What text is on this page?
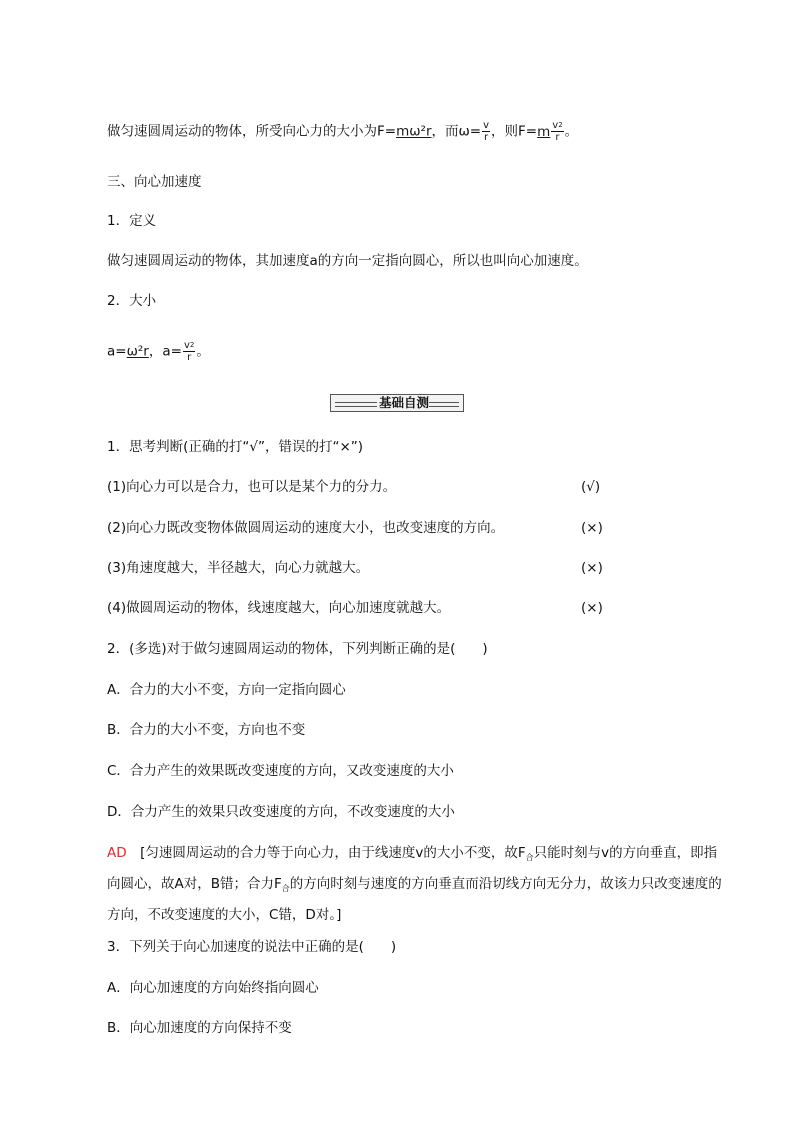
做匀速圆周运动的物体，所受向心力的大小为F=mω²r，而$\omega= \frac{v}{r}$ ，则$F=m \frac{v^2}{r}$ 。
三、向心加速度
1．定义
做匀速圆周运动的物体，其加速度a的方向一定指向圆心，所以也叫向心加速度。
2．大小
a=ω²r，$a= \frac{v^2}{r}$ 。
基础自测
1．思考判断(正确的打“√”，错误的打“×”)
(1)向心力可以是合力，也可以是某个力的分力。	(√)
(2)向心力既改变物体做圆周运动的速度大小，也改变速度的方向。	(×)
(3)角速度越大，半径越大，向心力就越大。	(×)
(4)做圆周运动的物体，线速度越大，向心加速度就越大。	(×)
2．(多选)对于做匀速圆周运动的物体，下列判断正确的是(　　)
A．合力的大小不变，方向一定指向圆心
B．合力的大小不变，方向也不变
C．合力产生的效果既改变速度的方向，又改变速度的大小
D．合力产生的效果只改变速度的方向，不改变速度的大小
AD　 [匀速圆周运动的合力等于向心力，由于线速度v的大小不变，故$F_合$只能时刻与v的方向垂直，即指向圆心，故A对，B错；合力$F_合$的方向时刻与速度的方向垂直而沿切线方向无分力，故该力只改变速度的方向，不改变速度的大小，C错，D对。]
3．下列关于向心加速度的说法中正确的是(　　)
A．向心加速度的方向始终指向圆心
B．向心加速度的方向保持不变
